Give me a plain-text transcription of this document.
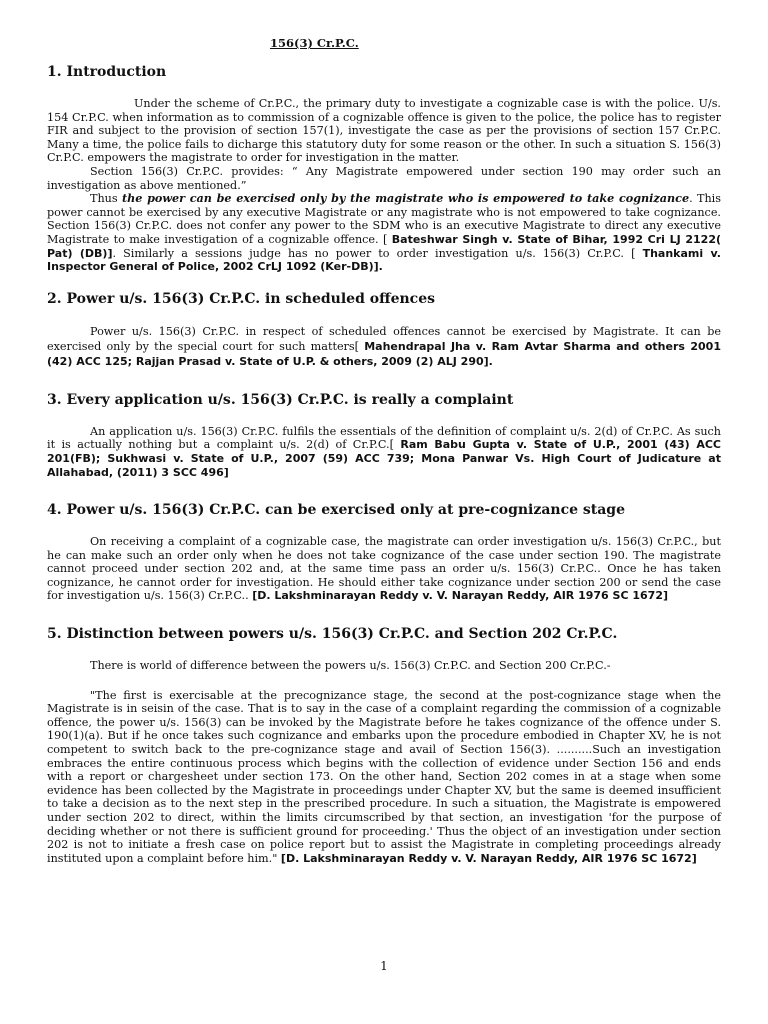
156(3) Cr.P.C.
1. Introduction

Under the scheme of Cr.P.C., the primary duty to investigate a cognizable case is with the police. U/s. 154 Cr.P.C. when information as to commission of a cognizable offence is given to the police, the police has to register FIR and subject to the provision of section 157(1), investigate the case as per the provisions of section 157 Cr.P.C. Many a time, the police fails to dicharge this statutory duty for some reason or the other. In such a situation S. 156(3) Cr.P.C. empowers the magistrate to order for investigation in the matter.

Section 156(3) Cr.P.C. provides: “ Any Magistrate empowered under section 190 may order such an investigation as above mentioned.”

Thus the power can be exercised only by the magistrate who is empowered to take cognizance. This power cannot be exercised by any executive Magistrate or any magistrate who is not empowered to take cognizance. Section 156(3) Cr.P.C. does not confer any power to the SDM who is an executive Magistrate to direct any executive Magistrate to make investigation of a cognizable offence. [ Bateshwar Singh v. State of Bihar, 1992 Cri LJ 2122( Pat) (DB)]. Similarly a sessions judge has no power to order investigation u/s. 156(3) Cr.P.C. [ Thankami v. Inspector General of Police, 2002 CrLJ 1092 (Ker-DB)].

2. Power u/s. 156(3) Cr.P.C. in scheduled offences

Power u/s. 156(3) Cr.P.C. in respect of scheduled offences cannot be exercised by Magistrate. It can be exercised only by the special court for such matters[ Mahendrapal Jha v. Ram Avtar Sharma and others 2001 (42) ACC 125; Rajjan Prasad v. State of U.P. & others, 2009 (2) ALJ 290].

3. Every application u/s. 156(3) Cr.P.C. is really a complaint

An application u/s. 156(3) Cr.P.C. fulfils the essentials of the definition of complaint u/s. 2(d) of Cr.P.C. As such it is actually nothing but a complaint u/s. 2(d) of Cr.P.C.[ Ram Babu Gupta v. State of U.P., 2001 (43) ACC 201(FB); Sukhwasi v. State of U.P., 2007 (59) ACC 739; Mona Panwar Vs. High Court of Judicature at Allahabad, (2011) 3 SCC 496]

4. Power u/s. 156(3) Cr.P.C. can be exercised only at pre-cognizance stage

On receiving a complaint of a cognizable case, the magistrate can order investigation u/s. 156(3) Cr.P.C., but he can make such an order only when he does not take cognizance of the case under section 190. The magistrate cannot proceed under section 202 and, at the same time pass an order u/s. 156(3) Cr.P.C.. Once he has taken cognizance, he cannot order for investigation. He should either take cognizance under section 200 or send the case for investigation u/s. 156(3) Cr.P.C.. [D. Lakshminarayan Reddy v. V. Narayan Reddy, AIR 1976 SC 1672]

5. Distinction between powers u/s. 156(3) Cr.P.C. and Section 202 Cr.P.C.

There is world of difference between the powers u/s. 156(3) Cr.P.C. and Section 200 Cr.P.C.-

"The first is exercisable at the precognizance stage, the second at the post-cognizance stage when the Magistrate is in seisin of the case. That is to say in the case of a complaint regarding the commission of a cognizable offence, the power u/s. 156(3) can be invoked by the Magistrate before he takes cognizance of the offence under S. 190(1)(a). But if he once takes such cognizance and embarks upon the procedure embodied in Chapter XV, he is not competent to switch back to the pre-cognizance stage and avail of Section 156(3). ..........Such an investigation embraces the entire continuous process which begins with the collection of evidence under Section 156 and ends with a report or chargesheet under section 173. On the other hand, Section 202 comes in at a stage when some evidence has been collected by the Magistrate in proceedings under Chapter XV, but the same is deemed insufficient to take a decision as to the next step in the prescribed procedure. In such a situation, the Magistrate is empowered under section 202 to direct, within the limits circumscribed by that section, an investigation 'for the purpose of deciding whether or not there is sufficient ground for proceeding.' Thus the object of an investigation under section 202 is not to initiate a fresh case on police report but to assist the Magistrate in completing proceedings already instituted upon a complaint before him." [D. Lakshminarayan Reddy v. V. Narayan Reddy, AIR 1976 SC 1672]

1
